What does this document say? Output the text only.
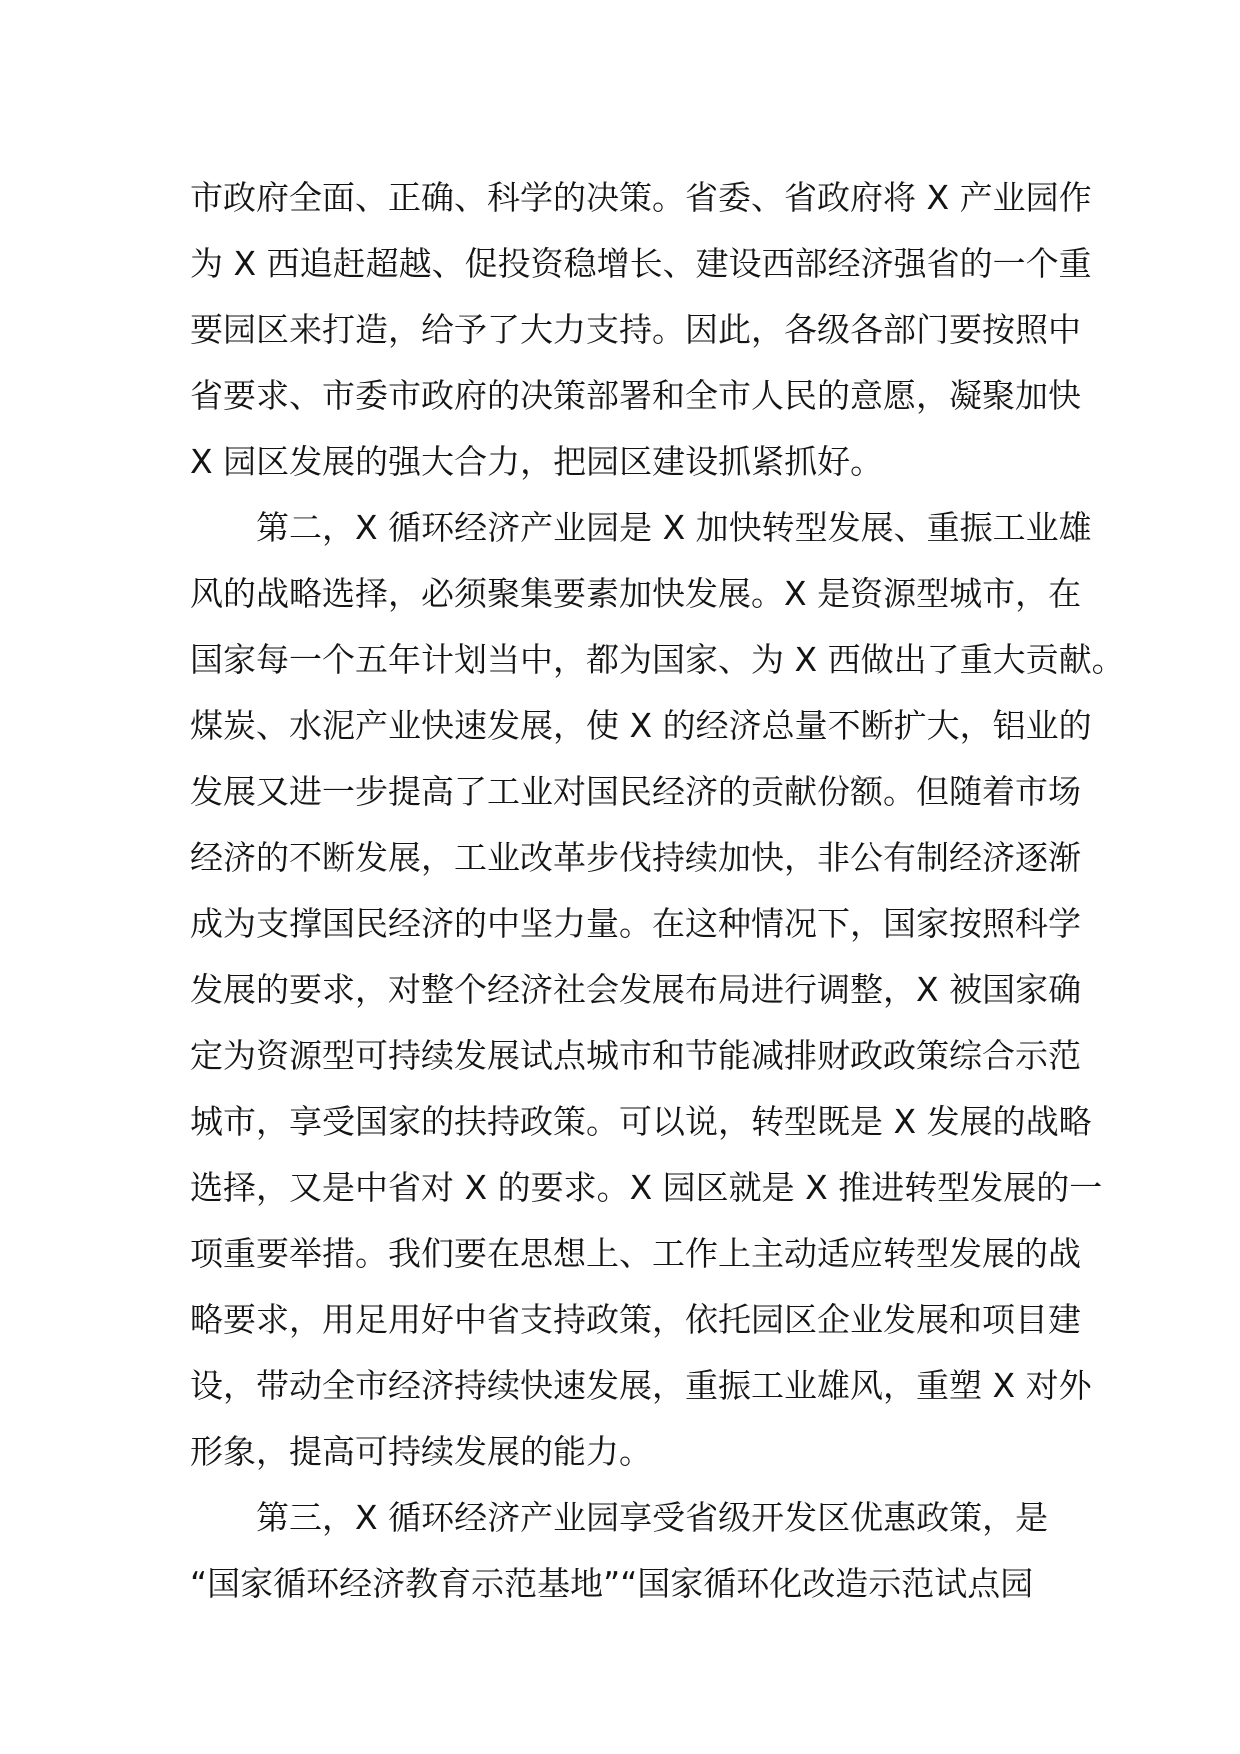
市政府全面、正确、科学的决策。省委、省政府将 X 产业园作
为 X 西追赶超越、促投资稳增长、建设西部经济强省的一个重
要园区来打造，给予了大力支持。因此，各级各部门要按照中
省要求、市委市政府的决策部署和全市人民的意愿，凝聚加快
X 园区发展的强大合力，把园区建设抓紧抓好。
　　第二，X 循环经济产业园是 X 加快转型发展、重振工业雄
风的战略选择，必须聚集要素加快发展。X 是资源型城市，在
国家每一个五年计划当中，都为国家、为 X 西做出了重大贡献。
煤炭、水泥产业快速发展，使 X 的经济总量不断扩大，铝业的
发展又进一步提高了工业对国民经济的贡献份额。但随着市场
经济的不断发展，工业改革步伐持续加快，非公有制经济逐渐
成为支撑国民经济的中坚力量。在这种情况下，国家按照科学
发展的要求，对整个经济社会发展布局进行调整，X 被国家确
定为资源型可持续发展试点城市和节能减排财政政策综合示范
城市，享受国家的扶持政策。可以说，转型既是 X 发展的战略
选择，又是中省对 X 的要求。X 园区就是 X 推进转型发展的一
项重要举措。我们要在思想上、工作上主动适应转型发展的战
略要求，用足用好中省支持政策，依托园区企业发展和项目建
设，带动全市经济持续快速发展，重振工业雄风，重塑 X 对外
形象，提高可持续发展的能力。
　　第三，X 循环经济产业园享受省级开发区优惠政策，是
“国家循环经济教育示范基地”“国家循环化改造示范试点园
